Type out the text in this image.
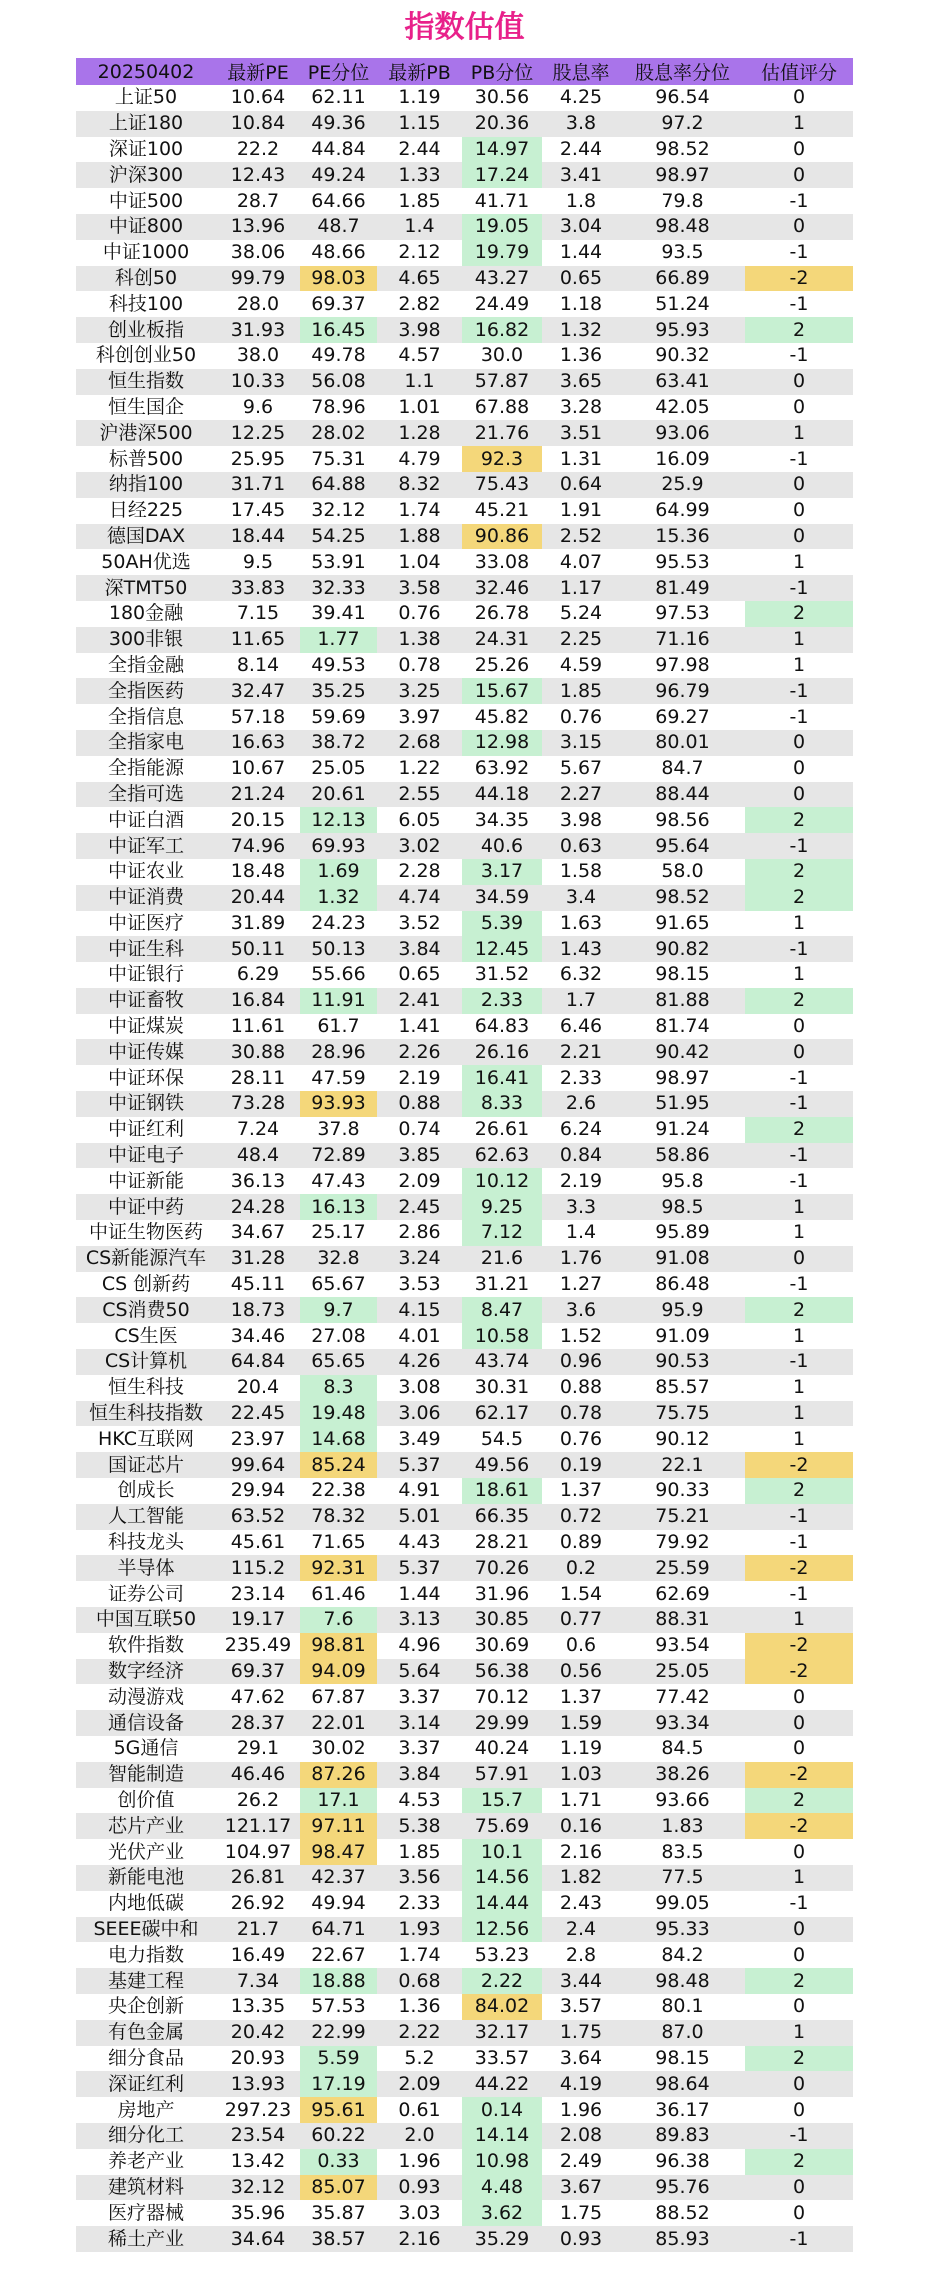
指数估值
20250402	最新PE	PE分位	最新PB	PB分位	股息率	股息率分位	估值评分
上证50	10.64	62.11	1.19	30.56	4.25	96.54	0
上证180	10.84	49.36	1.15	20.36	3.8	97.2	1
深证100	22.2	44.84	2.44	14.97	2.44	98.52	0
沪深300	12.43	49.24	1.33	17.24	3.41	98.97	0
中证500	28.7	64.66	1.85	41.71	1.8	79.8	-1
中证800	13.96	48.7	1.4	19.05	3.04	98.48	0
中证1000	38.06	48.66	2.12	19.79	1.44	93.5	-1
科创50	99.79	98.03	4.65	43.27	0.65	66.89	-2
科技100	28.0	69.37	2.82	24.49	1.18	51.24	-1
创业板指	31.93	16.45	3.98	16.82	1.32	95.93	2
科创创业50	38.0	49.78	4.57	30.0	1.36	90.32	-1
恒生指数	10.33	56.08	1.1	57.87	3.65	63.41	0
恒生国企	9.6	78.96	1.01	67.88	3.28	42.05	0
沪港深500	12.25	28.02	1.28	21.76	3.51	93.06	1
标普500	25.95	75.31	4.79	92.3	1.31	16.09	-1
纳指100	31.71	64.88	8.32	75.43	0.64	25.9	0
日经225	17.45	32.12	1.74	45.21	1.91	64.99	0
德国DAX	18.44	54.25	1.88	90.86	2.52	15.36	0
50AH优选	9.5	53.91	1.04	33.08	4.07	95.53	1
深TMT50	33.83	32.33	3.58	32.46	1.17	81.49	-1
180金融	7.15	39.41	0.76	26.78	5.24	97.53	2
300非银	11.65	1.77	1.38	24.31	2.25	71.16	1
全指金融	8.14	49.53	0.78	25.26	4.59	97.98	1
全指医药	32.47	35.25	3.25	15.67	1.85	96.79	-1
全指信息	57.18	59.69	3.97	45.82	0.76	69.27	-1
全指家电	16.63	38.72	2.68	12.98	3.15	80.01	0
全指能源	10.67	25.05	1.22	63.92	5.67	84.7	0
全指可选	21.24	20.61	2.55	44.18	2.27	88.44	0
中证白酒	20.15	12.13	6.05	34.35	3.98	98.56	2
中证军工	74.96	69.93	3.02	40.6	0.63	95.64	-1
中证农业	18.48	1.69	2.28	3.17	1.58	58.0	2
中证消费	20.44	1.32	4.74	34.59	3.4	98.52	2
中证医疗	31.89	24.23	3.52	5.39	1.63	91.65	1
中证生科	50.11	50.13	3.84	12.45	1.43	90.82	-1
中证银行	6.29	55.66	0.65	31.52	6.32	98.15	1
中证畜牧	16.84	11.91	2.41	2.33	1.7	81.88	2
中证煤炭	11.61	61.7	1.41	64.83	6.46	81.74	0
中证传媒	30.88	28.96	2.26	26.16	2.21	90.42	0
中证环保	28.11	47.59	2.19	16.41	2.33	98.97	-1
中证钢铁	73.28	93.93	0.88	8.33	2.6	51.95	-1
中证红利	7.24	37.8	0.74	26.61	6.24	91.24	2
中证电子	48.4	72.89	3.85	62.63	0.84	58.86	-1
中证新能	36.13	47.43	2.09	10.12	2.19	95.8	-1
中证中药	24.28	16.13	2.45	9.25	3.3	98.5	1
中证生物医药	34.67	25.17	2.86	7.12	1.4	95.89	1
CS新能源汽车	31.28	32.8	3.24	21.6	1.76	91.08	0
CS 创新药	45.11	65.67	3.53	31.21	1.27	86.48	-1
CS消费50	18.73	9.7	4.15	8.47	3.6	95.9	2
CS生医	34.46	27.08	4.01	10.58	1.52	91.09	1
CS计算机	64.84	65.65	4.26	43.74	0.96	90.53	-1
恒生科技	20.4	8.3	3.08	30.31	0.88	85.57	1
恒生科技指数	22.45	19.48	3.06	62.17	0.78	75.75	1
HKC互联网	23.97	14.68	3.49	54.5	0.76	90.12	1
国证芯片	99.64	85.24	5.37	49.56	0.19	22.1	-2
创成长	29.94	22.38	4.91	18.61	1.37	90.33	2
人工智能	63.52	78.32	5.01	66.35	0.72	75.21	-1
科技龙头	45.61	71.65	4.43	28.21	0.89	79.92	-1
半导体	115.2	92.31	5.37	70.26	0.2	25.59	-2
证券公司	23.14	61.46	1.44	31.96	1.54	62.69	-1
中国互联50	19.17	7.6	3.13	30.85	0.77	88.31	1
软件指数	235.49	98.81	4.96	30.69	0.6	93.54	-2
数字经济	69.37	94.09	5.64	56.38	0.56	25.05	-2
动漫游戏	47.62	67.87	3.37	70.12	1.37	77.42	0
通信设备	28.37	22.01	3.14	29.99	1.59	93.34	0
5G通信	29.1	30.02	3.37	40.24	1.19	84.5	0
智能制造	46.46	87.26	3.84	57.91	1.03	38.26	-2
创价值	26.2	17.1	4.53	15.7	1.71	93.66	2
芯片产业	121.17	97.11	5.38	75.69	0.16	1.83	-2
光伏产业	104.97	98.47	1.85	10.1	2.16	83.5	0
新能电池	26.81	42.37	3.56	14.56	1.82	77.5	1
内地低碳	26.92	49.94	2.33	14.44	2.43	99.05	-1
SEEE碳中和	21.7	64.71	1.93	12.56	2.4	95.33	0
电力指数	16.49	22.67	1.74	53.23	2.8	84.2	0
基建工程	7.34	18.88	0.68	2.22	3.44	98.48	2
央企创新	13.35	57.53	1.36	84.02	3.57	80.1	0
有色金属	20.42	22.99	2.22	32.17	1.75	87.0	1
细分食品	20.93	5.59	5.2	33.57	3.64	98.15	2
深证红利	13.93	17.19	2.09	44.22	4.19	98.64	0
房地产	297.23	95.61	0.61	0.14	1.96	36.17	0
细分化工	23.54	60.22	2.0	14.14	2.08	89.83	-1
养老产业	13.42	0.33	1.96	10.98	2.49	96.38	2
建筑材料	32.12	85.07	0.93	4.48	3.67	95.76	0
医疗器械	35.96	35.87	3.03	3.62	1.75	88.52	0
稀土产业	34.64	38.57	2.16	35.29	0.93	85.93	-1
